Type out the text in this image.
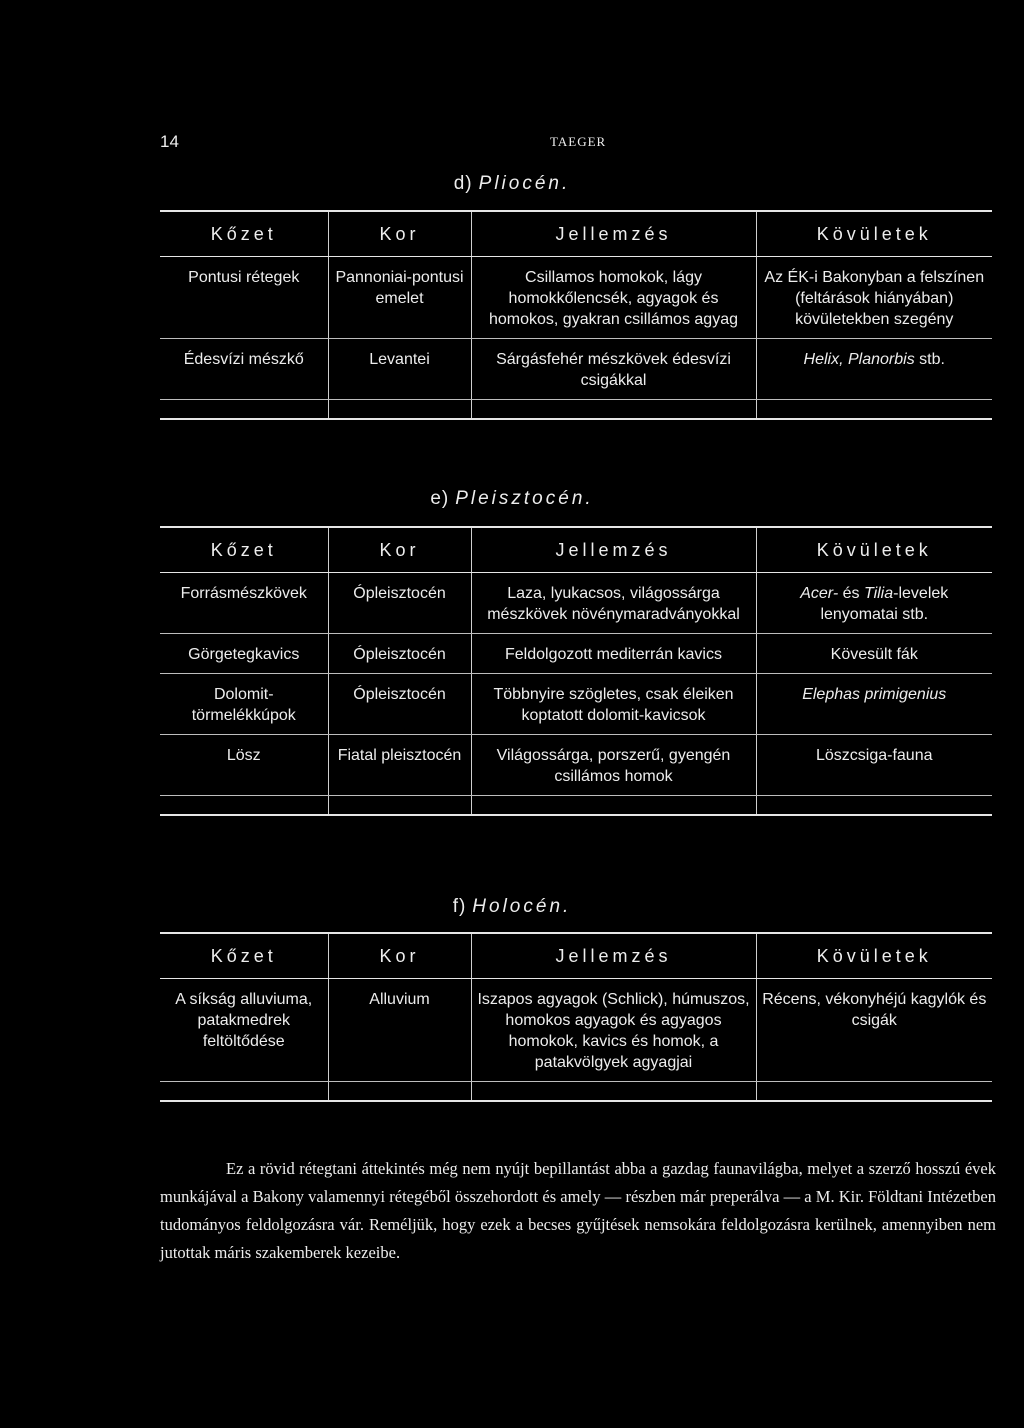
14	TAEGER
d) Pliocén.
Kőzet	Kor	Jellemzés	Kövületek
Pontusi rétegek	Pannoniai-pontusi emelet	Csillamos homokok, lágy homokkőlencsék, agyagok és homokos, gyakran csillámos agyag	Az ÉK-i Bakonyban a felszínen (feltárások hiányában) kövületekben szegény
Édesvízi mészkő	Levantei	Sárgásfehér mészkövek édesvízi csigákkal	Helix, Planorbis stb.

e) Pleisztocén.
Kőzet	Kor	Jellemzés	Kövületek
Forrásmészkövek	Ópleisztocén	Laza, lyukacsos, világossárga mészkövek növénymaradványokkal	Acer- és Tilia-levelek lenyomatai stb.
Görgetegkavics	Ópleisztocén	Feldolgozott mediterrán kavics	Kövesült fák
Dolomit-törmelékkúpok	Ópleisztocén	Többnyire szögletes, csak éleiken koptatott dolomit-kavicsok	Elephas primigenius
Lösz	Fiatal pleisztocén	Világossárga, porszerű, gyengén csillámos homok	Löszcsiga-fauna

f) Holocén.
Kőzet	Kor	Jellemzés	Kövületek
A síkság alluviuma, patakmedrek feltöltődése	Alluvium	Iszapos agyagok (Schlick), húmuszos, homokos agyagok és agyagos homokok, kavics és homok, a patakvölgyek agyagjai	Récens, vékonyhéjú kagylók és csigák

Ez a rövid rétegtani áttekintés még nem nyújt bepillantást abba a gazdag faunavilágba, melyet a szerző hosszú évek munkájával a Bakony valamennyi rétegéből összehordott és amely — részben már preperálva — a M. Kir. Földtani Intézetben tudományos feldolgozásra vár. Reméljük, hogy ezek a becses gyűjtések nemsokára feldolgozásra kerülnek, amennyiben nem jutottak máris szakemberek kezeibe.
